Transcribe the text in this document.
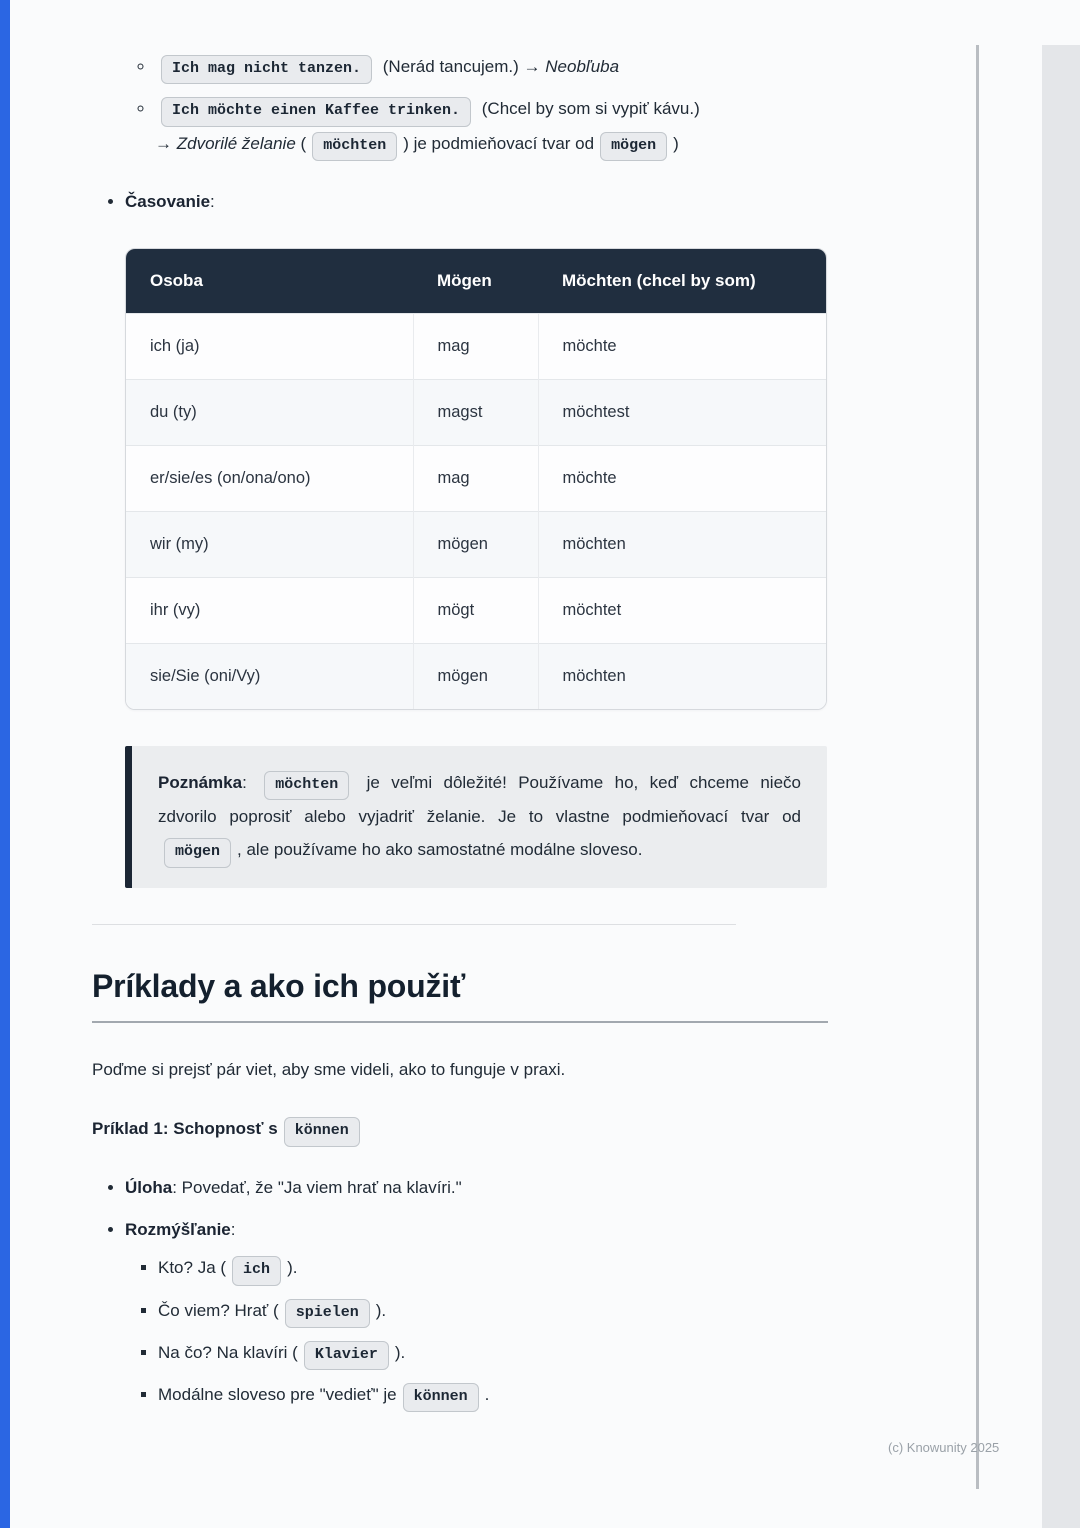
◦ Ich mag nicht tanzen. (Nerád tancujem.) → Neobľuba
◦ Ich möchte einen Kaffee trinken. (Chcel by som si vypiť kávu.)
→ Zdvorilé želanie ( möchten ) je podmieňovací tvar od mögen )
• Časovanie:
Osoba	Mögen	Möchten (chcel by som)
ich (ja)	mag	möchte
du (ty)	magst	möchtest
er/sie/es (on/ona/ono)	mag	möchte
wir (my)	mögen	möchten
ihr (vy)	mögt	möchtet
sie/Sie (oni/Vy)	mögen	möchten
Poznámka: möchten je veľmi dôležité! Používame ho, keď chceme niečo zdvorilo poprosiť alebo vyjadriť želanie. Je to vlastne podmieňovací tvar od mögen , ale používame ho ako samostatné modálne sloveso.
Príklady a ako ich použiť

Poďme si prejsť pár viet, aby sme videli, ako to funguje v praxi.

Príklad 1: Schopnosť s können

• Úloha: Povedať, že "Ja viem hrať na klavíri."
• Rozmýšľanie:
▪ Kto? Ja ( ich ).
▪ Čo viem? Hrať ( spielen ).
▪ Na čo? Na klavíri ( Klavier ).
▪ Modálne sloveso pre "vedieť" je können .
(c) Knowunity 2025
